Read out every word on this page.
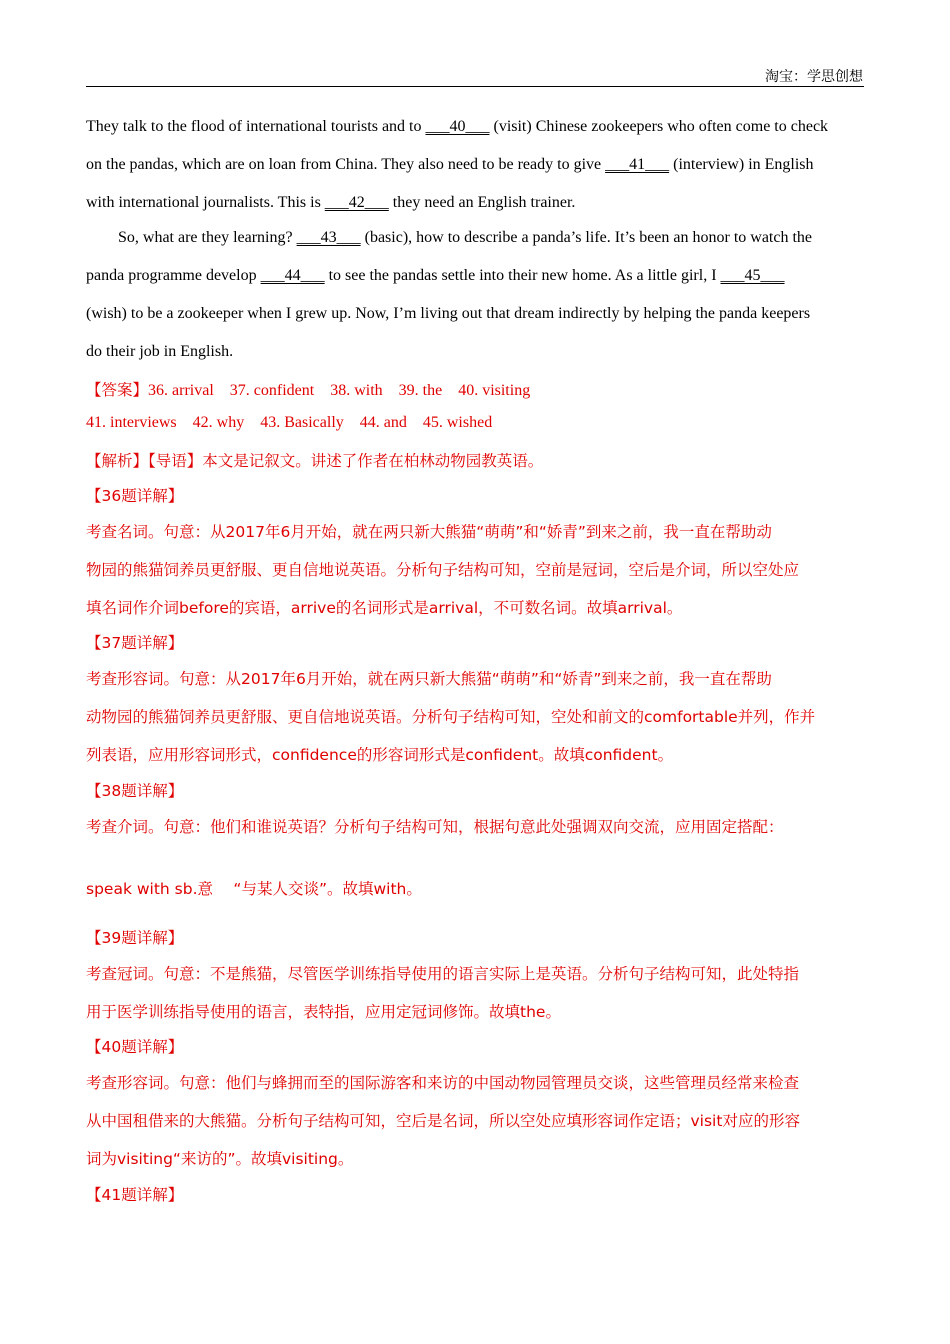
淘宝：学思创想
They talk to the flood of international tourists and to ___40___ (visit) Chinese zookeepers who often come to check
on the pandas, which are on loan from China. They also need to be ready to give ___41___ (interview) in English
with international journalists. This is ___42___ they need an English trainer.
So, what are they learning? ___43___ (basic), how to describe a panda’s life. It’s been an honor to watch the
panda programme develop ___44___ to see the pandas settle into their new home. As a little girl, I ___45___
(wish) to be a zookeeper when I grew up. Now, I’m living out that dream indirectly by helping the panda keepers
do their job in English.
【答案】36. arrival 37. confident 38. with 39. the 40. visiting
41. interviews 42. why 43. Basically 44. and 45. wished
【解析】【导语】本文是记叙文。讲述了作者在柏林动物园教英语。
【36题详解】
考查名词。句意：从2017年6月开始，就在两只新大熊猫“萌萌”和“娇青”到来之前，我一直在帮助动
物园的熊猫饲养员更舒服、更自信地说英语。分析句子结构可知，空前是冠词，空后是介词，所以空处应
填名词作介词before的宾语，arrive的名词形式是arrival，不可数名词。故填arrival。
【37题详解】
考查形容词。句意：从2017年6月开始，就在两只新大熊猫“萌萌”和“娇青”到来之前，我一直在帮助
动物园的熊猫饲养员更舒服、更自信地说英语。分析句子结构可知，空处和前文的comfortable并列，作并
列表语，应用形容词形式，confidence的形容词形式是confident。故填confident。
【38题详解】
考查介词。句意：他们和谁说英语？分析句子结构可知，根据句意此处强调双向交流，应用固定搭配：
speak with sb.意　 “与某人交谈”。故填with。
【39题详解】
考查冠词。句意：不是熊猫，尽管医学训练指导使用的语言实际上是英语。分析句子结构可知，此处特指
用于医学训练指导使用的语言，表特指，应用定冠词修饰。故填the。
【40题详解】
考查形容词。句意：他们与蜂拥而至的国际游客和来访的中国动物园管理员交谈，这些管理员经常来检查
从中国租借来的大熊猫。分析句子结构可知，空后是名词，所以空处应填形容词作定语；visit对应的形容
词为visiting“来访的”。故填visiting。
【41题详解】
